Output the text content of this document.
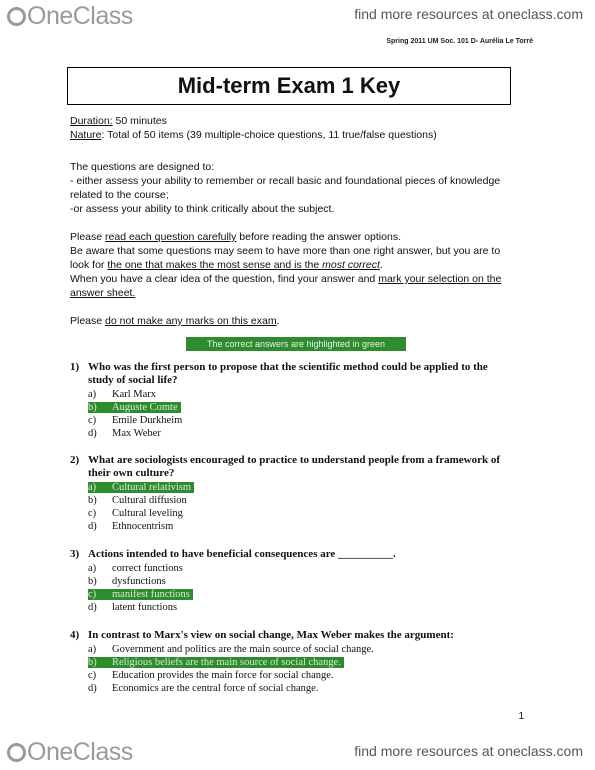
OneClass	find more resources at oneclass.com
Spring 2011 UM Soc. 101 D- Aurélia Le Torré
Mid-term Exam 1 Key
Duration: 50 minutes
Nature: Total of 50 items (39 multiple-choice questions, 11 true/false questions)
The questions are designed to:
- either assess your ability to remember or recall basic and foundational pieces of knowledge
related to the course;
-or assess your ability to think critically about the subject.
Please read each question carefully before reading the answer options.
Be aware that some questions may seem to have more than one right answer, but you are to
look for the one that makes the most sense and is the most correct.
When you have a clear idea of the question, find your answer and mark your selection on the
answer sheet.
Please do not make any marks on this exam.
The correct answers are highlighted in green
1) Who was the first person to propose that the scientific method could be applied to the
study of social life?
a) Karl Marx
b) Auguste Comte
c) Emile Durkheim
d) Max Weber
2) What are sociologists encouraged to practice to understand people from a framework of
their own culture?
a) Cultural relativism
b) Cultural diffusion
c) Cultural leveling
d) Ethnocentrism
3) Actions intended to have beneficial consequences are __________.
a) correct functions
b) dysfunctions
c) manifest functions
d) latent functions
4) In contrast to Marx's view on social change, Max Weber makes the argument:
a) Government and politics are the main source of social change.
b) Religious beliefs are the main source of social change.
c) Education provides the main force for social change.
d) Economics are the central force of social change.
1
OneClass	find more resources at oneclass.com
